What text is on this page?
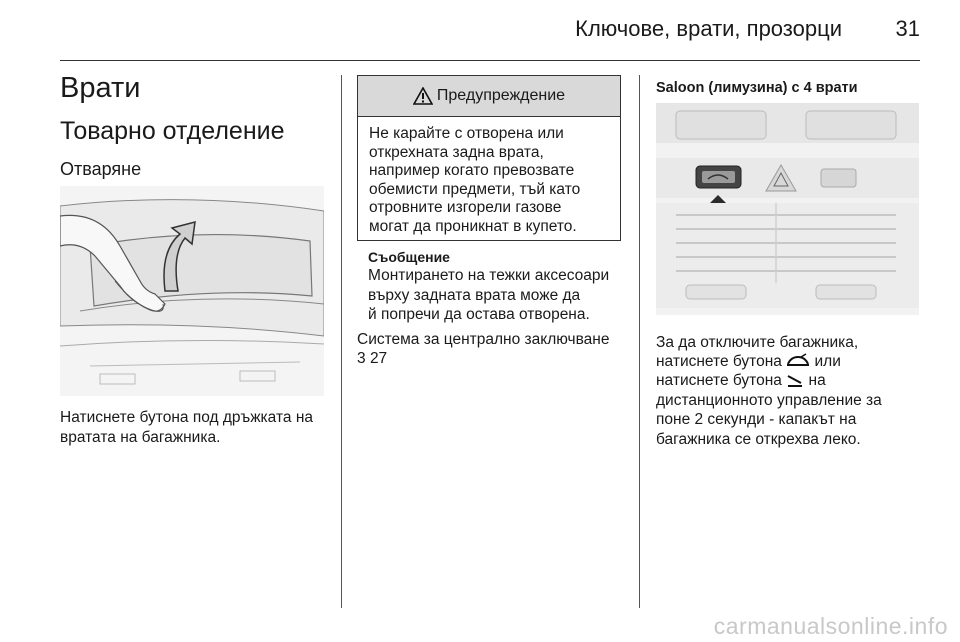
Ключове, врати, прозорци 31
Врати
Товарно отделение
Отваряне
Натиснете бутона под дръжката на
вратата на багажника.
Предупреждение
Не карайте с отворена или
открехната задна врата,
например когато превозвате
обемисти предмети, тъй като
отровните изгорели газове
могат да проникнат в купето.
Съобщение
Монтирането на тежки аксесоари
върху задната врата може да
й попречи да остава отворена.
Система за централно заключване
3 27
Saloon (лимузина) с 4 врати
За да отключите багажника,
натиснете бутона или
натиснете бутона на
дистанционното управление за
поне 2 секунди - капакът на
багажника се открехва леко.
carmanualsonline.info
